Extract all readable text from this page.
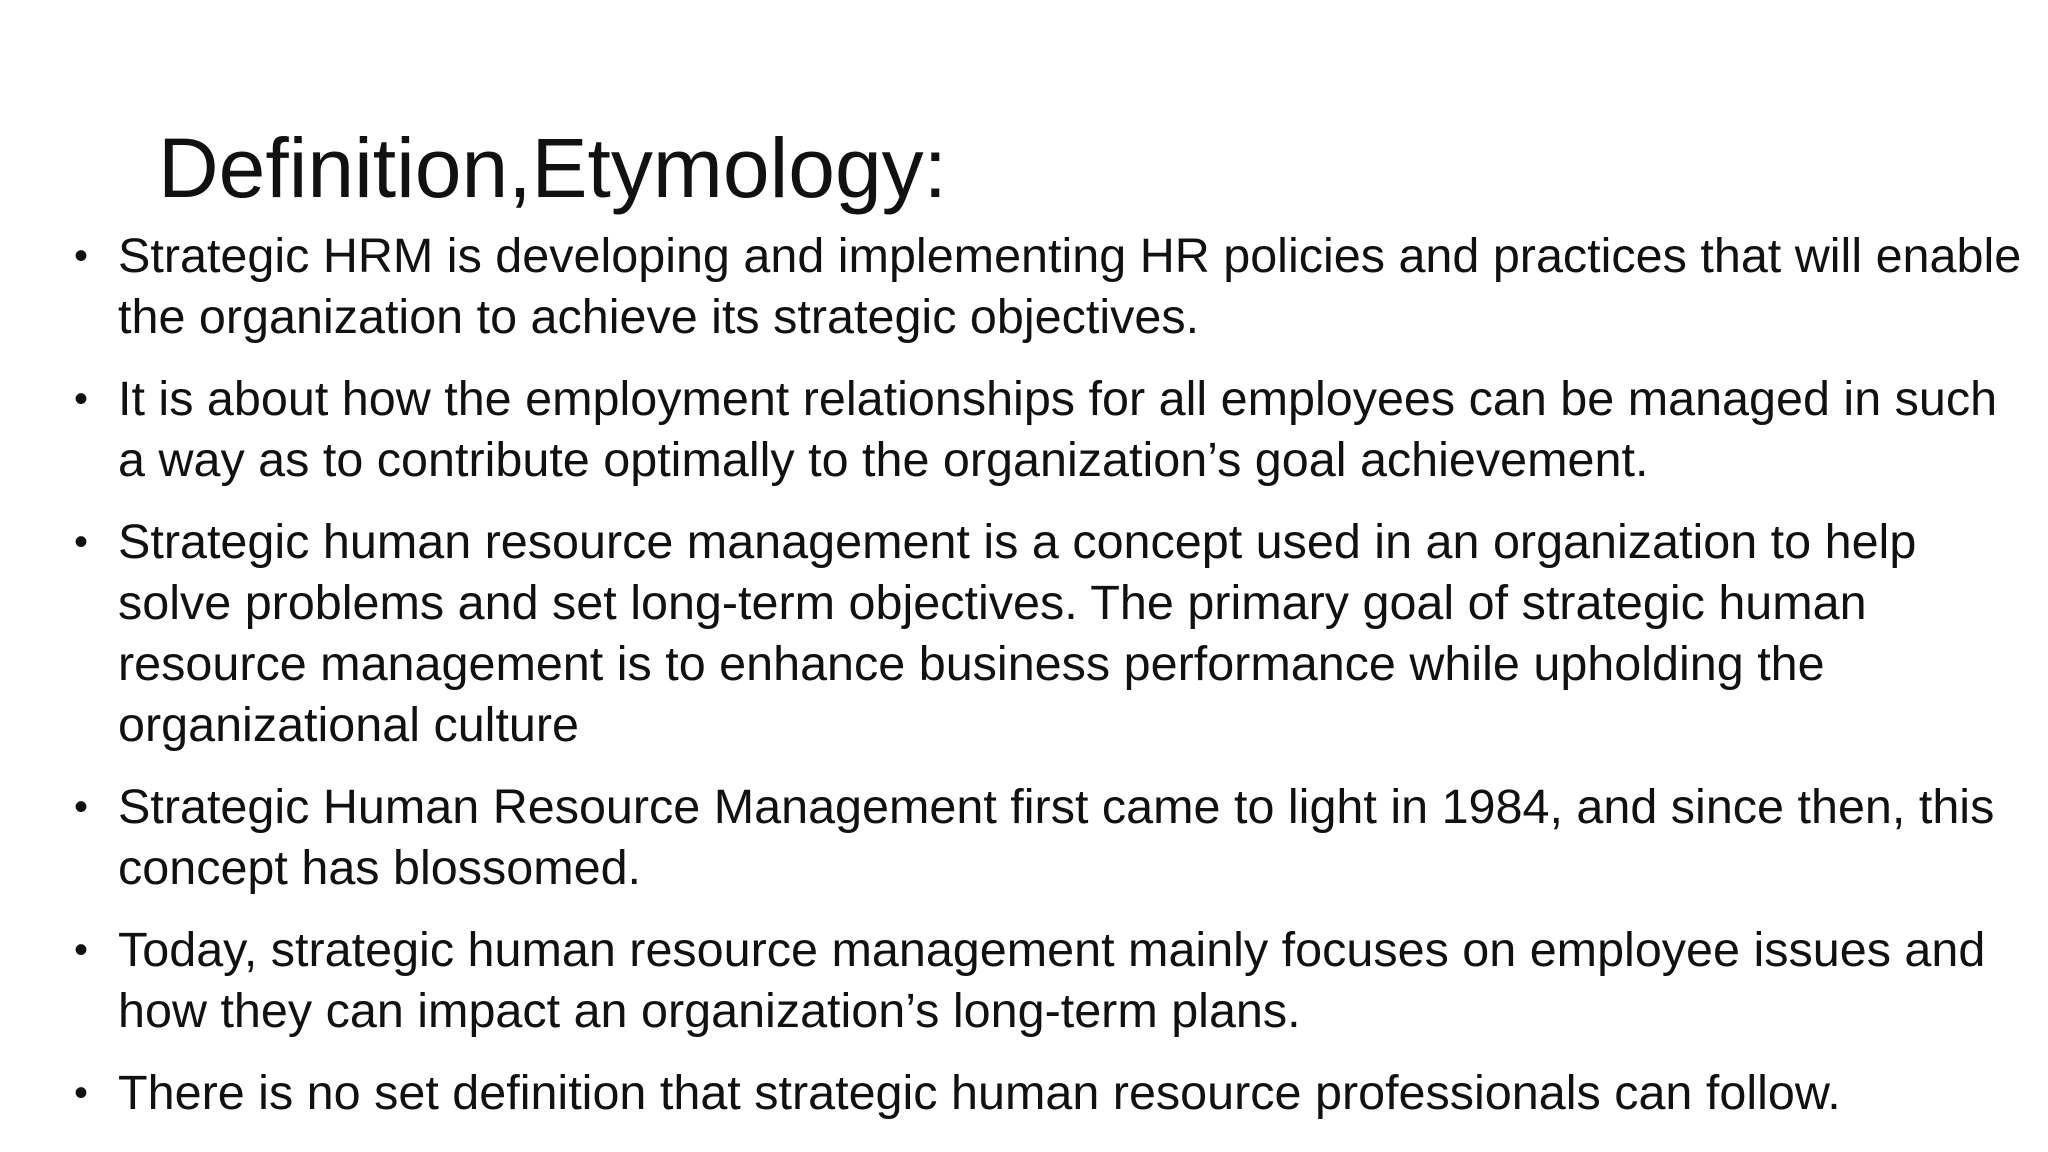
Definition,Etymology:
• Strategic HRM is developing and implementing HR policies and practices that will enable the organization to achieve its strategic objectives.
• It is about how the employment relationships for all employees can be managed in such a way as to contribute optimally to the organization’s goal achievement.
• Strategic human resource management is a concept used in an organization to help solve problems and set long-term objectives. The primary goal of strategic human resource management is to enhance business performance while upholding the organizational culture
• Strategic Human Resource Management first came to light in 1984, and since then, this concept has blossomed.
• Today, strategic human resource management mainly focuses on employee issues and how they can impact an organization’s long-term plans.
• There is no set definition that strategic human resource professionals can follow.
